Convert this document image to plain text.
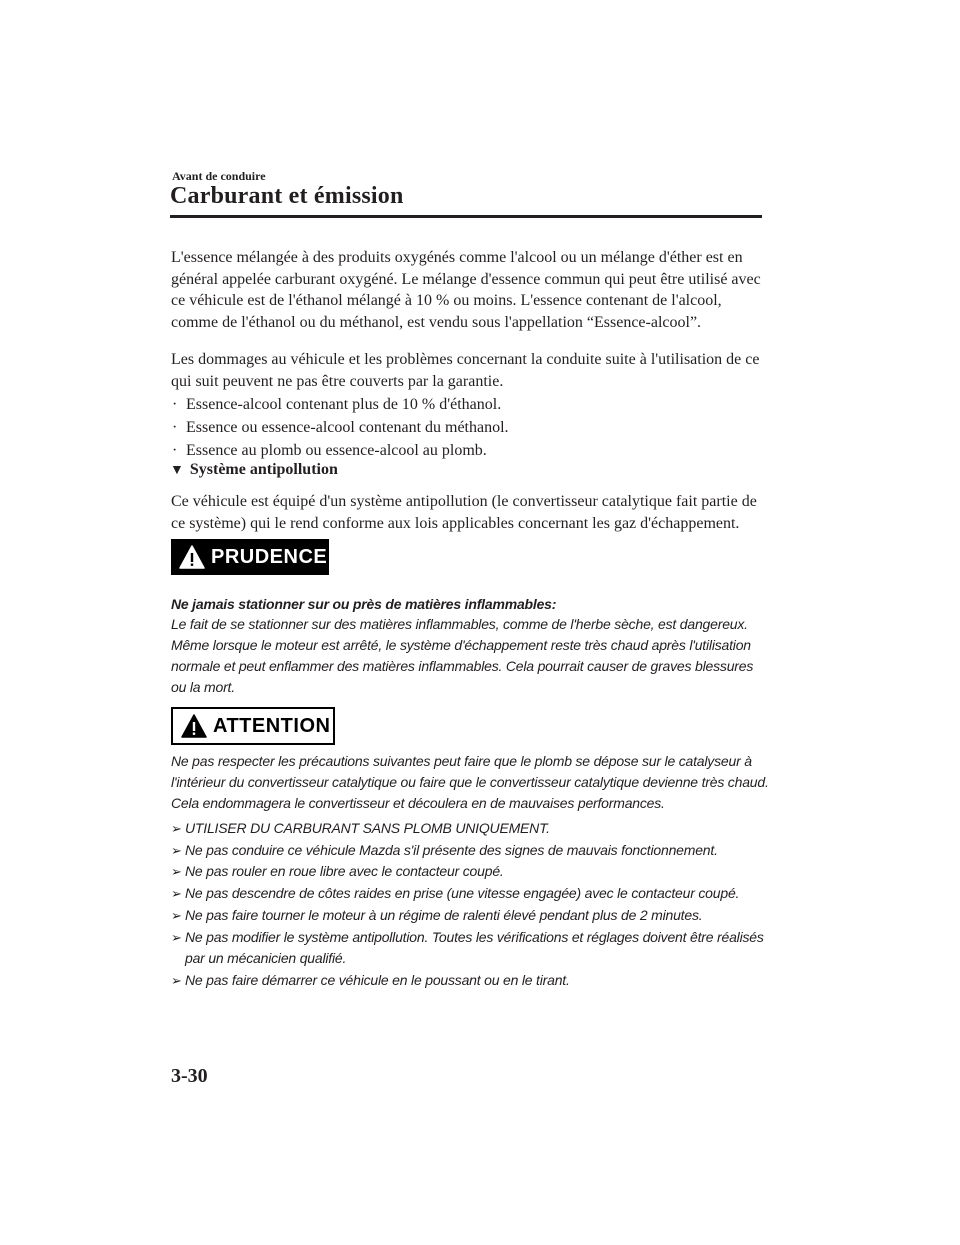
Avant de conduire
Carburant et émission
L'essence mélangée à des produits oxygénés comme l'alcool ou un mélange d'éther est en général appelée carburant oxygéné. Le mélange d'essence commun qui peut être utilisé avec ce véhicule est de l'éthanol mélangé à 10 % ou moins. L'essence contenant de l'alcool, comme de l'éthanol ou du méthanol, est vendu sous l'appellation “Essence-alcool”.
Les dommages au véhicule et les problèmes concernant la conduite suite à l'utilisation de ce qui suit peuvent ne pas être couverts par la garantie.
· Essence-alcool contenant plus de 10 % d'éthanol.
· Essence ou essence-alcool contenant du méthanol.
· Essence au plomb ou essence-alcool au plomb.
▼ Système antipollution
Ce véhicule est équipé d'un système antipollution (le convertisseur catalytique fait partie de ce système) qui le rend conforme aux lois applicables concernant les gaz d'échappement.
PRUDENCE
Ne jamais stationner sur ou près de matières inflammables:
Le fait de se stationner sur des matières inflammables, comme de l'herbe sèche, est dangereux. Même lorsque le moteur est arrêté, le système d'échappement reste très chaud après l'utilisation normale et peut enflammer des matières inflammables. Cela pourrait causer de graves blessures ou la mort.
ATTENTION
Ne pas respecter les précautions suivantes peut faire que le plomb se dépose sur le catalyseur à l'intérieur du convertisseur catalytique ou faire que le convertisseur catalytique devienne très chaud. Cela endommagera le convertisseur et découlera en de mauvaises performances.
➢ UTILISER DU CARBURANT SANS PLOMB UNIQUEMENT.
➢ Ne pas conduire ce véhicule Mazda s'il présente des signes de mauvais fonctionnement.
➢ Ne pas rouler en roue libre avec le contacteur coupé.
➢ Ne pas descendre de côtes raides en prise (une vitesse engagée) avec le contacteur coupé.
➢ Ne pas faire tourner le moteur à un régime de ralenti élevé pendant plus de 2 minutes.
➢ Ne pas modifier le système antipollution. Toutes les vérifications et réglages doivent être réalisés par un mécanicien qualifié.
➢ Ne pas faire démarrer ce véhicule en le poussant ou en le tirant.
3-30
